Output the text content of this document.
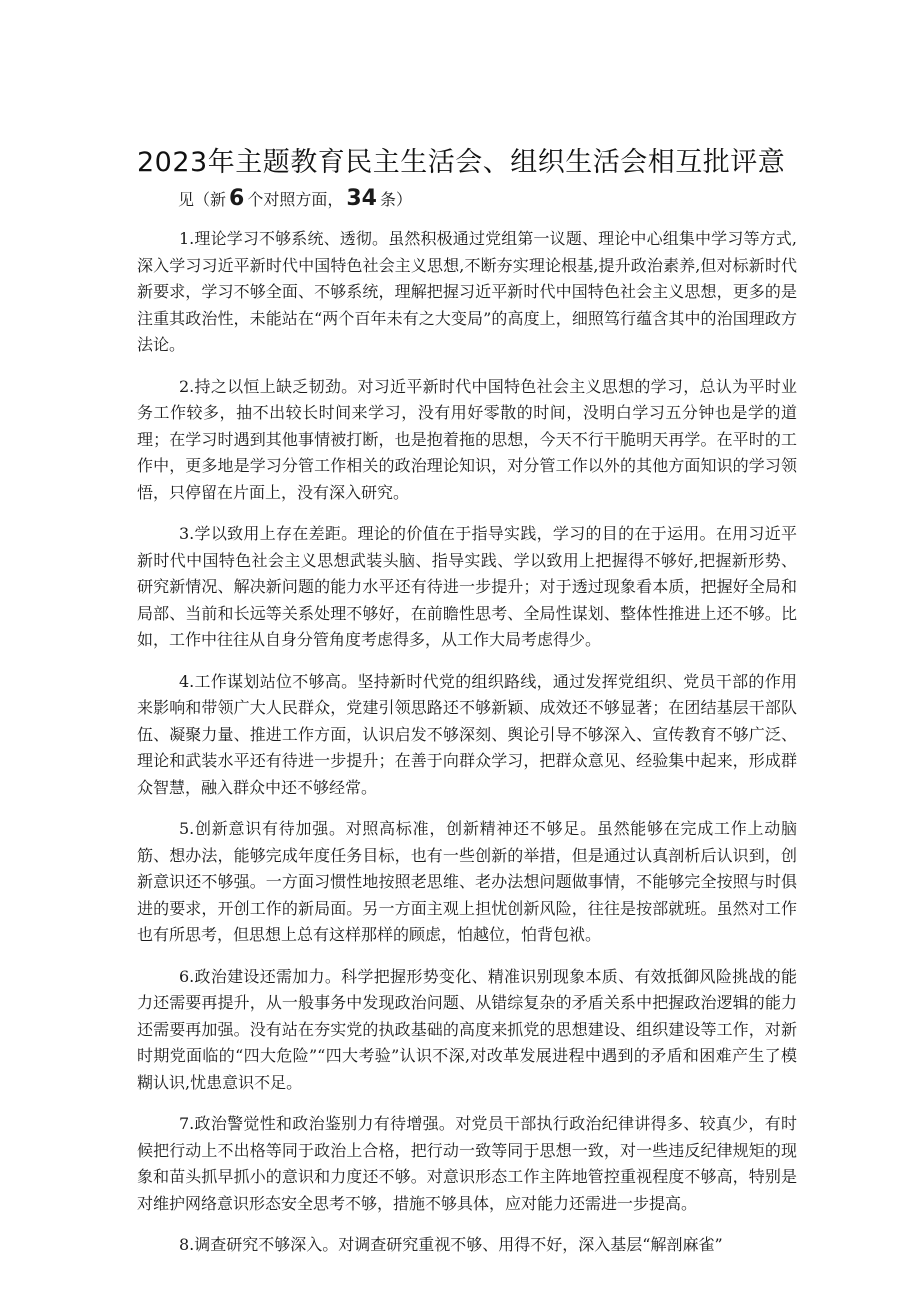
2023年主题教育民主生活会、组织生活会相互批评意
见（新 6 个对照方面， 34 条）

1.理论学习不够系统、透彻。虽然积极通过党组第一议题、理论中心组集中学习等方式,深入学习习近平新时代中国特色社会主义思想,不断夯实理论根基,提升政治素养,但对标新时代新要求，学习不够全面、不够系统，理解把握习近平新时代中国特色社会主义思想，更多的是注重其政治性，未能站在“两个百年未有之大变局”的高度上，细照笃行蕴含其中的治国理政方法论。

2.持之以恒上缺乏韧劲。对习近平新时代中国特色社会主义思想的学习，总认为平时业务工作较多，抽不出较长时间来学习，没有用好零散的时间，没明白学习五分钟也是学的道理；在学习时遇到其他事情被打断，也是抱着拖的思想，今天不行干脆明天再学。在平时的工作中，更多地是学习分管工作相关的政治理论知识，对分管工作以外的其他方面知识的学习领悟，只停留在片面上，没有深入研究。

3.学以致用上存在差距。理论的价值在于指导实践，学习的目的在于运用。在用习近平新时代中国特色社会主义思想武装头脑、指导实践、学以致用上把握得不够好,把握新形势、研究新情况、解决新问题的能力水平还有待进一步提升；对于透过现象看本质，把握好全局和局部、当前和长远等关系处理不够好，在前瞻性思考、全局性谋划、整体性推进上还不够。比如，工作中往往从自身分管角度考虑得多，从工作大局考虑得少。

4.工作谋划站位不够高。坚持新时代党的组织路线，通过发挥党组织、党员干部的作用来影响和带领广大人民群众，党建引领思路还不够新颖、成效还不够显著；在团结基层干部队伍、凝聚力量、推进工作方面，认识启发不够深刻、舆论引导不够深入、宣传教育不够广泛、理论和武装水平还有待进一步提升；在善于向群众学习，把群众意见、经验集中起来，形成群众智慧，融入群众中还不够经常。

5.创新意识有待加强。对照高标准，创新精神还不够足。虽然能够在完成工作上动脑筋、想办法，能够完成年度任务目标，也有一些创新的举措，但是通过认真剖析后认识到，创新意识还不够强。一方面习惯性地按照老思维、老办法想问题做事情，不能够完全按照与时俱进的要求，开创工作的新局面。另一方面主观上担忧创新风险，往往是按部就班。虽然对工作也有所思考，但思想上总有这样那样的顾虑，怕越位，怕背包袱。

6.政治建设还需加力。科学把握形势变化、精准识别现象本质、有效抵御风险挑战的能力还需要再提升，从一般事务中发现政治问题、从错综复杂的矛盾关系中把握政治逻辑的能力还需要再加强。没有站在夯实党的执政基础的高度来抓党的思想建设、组织建设等工作，对新时期党面临的“四大危险”“四大考验”认识不深,对改革发展进程中遇到的矛盾和困难产生了模糊认识,忧患意识不足。

7.政治警觉性和政治鉴别力有待增强。对党员干部执行政治纪律讲得多、较真少，有时候把行动上不出格等同于政治上合格，把行动一致等同于思想一致，对一些违反纪律规矩的现象和苗头抓早抓小的意识和力度还不够。对意识形态工作主阵地管控重视程度不够高，特别是对维护网络意识形态安全思考不够，措施不够具体，应对能力还需进一步提高。

8.调查研究不够深入。对调查研究重视不够、用得不好，深入基层“解剖麻雀”
